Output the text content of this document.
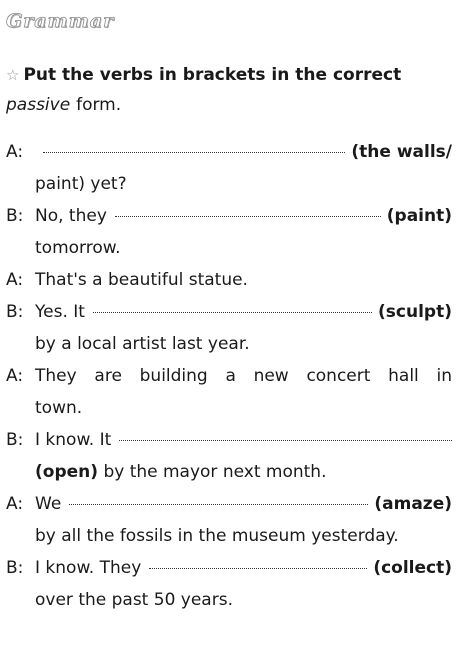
Grammar
☆ Put the verbs in brackets in the correct
passive form.
A:	(the walls/
paint) yet?
B: No, they	(paint)
tomorrow.
A: That's a beautiful statue.
B: Yes. It	(sculpt)
by a local artist last year.
A: They are building a new concert hall in
town.
B: I know. It
(open)
by the mayor next month.
A: We	(amaze)
by all the fossils in the museum yesterday.
B: I know. They	(collect)
over the past 50 years.
